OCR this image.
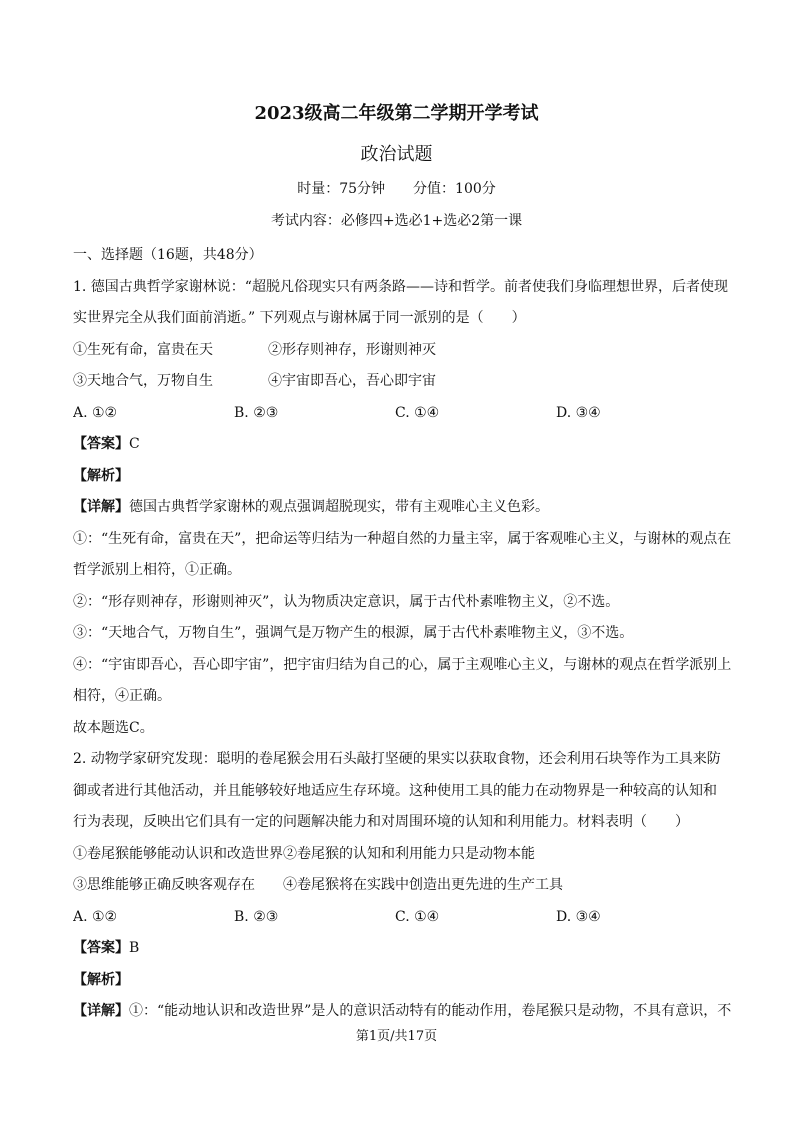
2023级高二年级第二学期开学考试
政治试题
时量：75分钟 分值：100分
考试内容：必修四+选必1+选必2第一课
一、选择题（16题，共48分）
1. 德国古典哲学家谢林说：“超脱凡俗现实只有两条路——诗和哲学。前者使我们身临理想世界，后者使现
实世界完全从我们面前消逝。” 下列观点与谢林属于同一派别的是（　　）
①生死有命，富贵在天	②形存则神存，形谢则神灭
③天地合气，万物自生	④宇宙即吾心，吾心即宇宙
A. ①②	B. ②③	C. ①④	D. ③④
【答案】C
【解析】
【详解】德国古典哲学家谢林的观点强调超脱现实，带有主观唯心主义色彩。
①：“生死有命，富贵在天”，把命运等归结为一种超自然的力量主宰，属于客观唯心主义，与谢林的观点在
哲学派别上相符，①正确。
②：“形存则神存，形谢则神灭”，认为物质决定意识，属于古代朴素唯物主义，②不选。
③：“天地合气，万物自生”，强调气是万物产生的根源，属于古代朴素唯物主义，③不选。
④：“宇宙即吾心，吾心即宇宙”，把宇宙归结为自己的心，属于主观唯心主义，与谢林的观点在哲学派别上
相符，④正确。
故本题选C。
2. 动物学家研究发现：聪明的卷尾猴会用石头敲打坚硬的果实以获取食物，还会利用石块等作为工具来防
御或者进行其他活动，并且能够较好地适应生存环境。这种使用工具的能力在动物界是一种较高的认知和
行为表现，反映出它们具有一定的问题解决能力和对周围环境的认知和利用能力。材料表明（　　）
①卷尾猴能够能动认识和改造世界②卷尾猴的认知和利用能力只是动物本能
③思维能够正确反映客观存在 ④卷尾猴将在实践中创造出更先进的生产工具
A. ①②	B. ②③	C. ①④	D. ③④
【答案】B
【解析】
【详解】①：“能动地认识和改造世界”是人的意识活动特有的能动作用，卷尾猴只是动物，不具有意识，不
第1页/共17页
